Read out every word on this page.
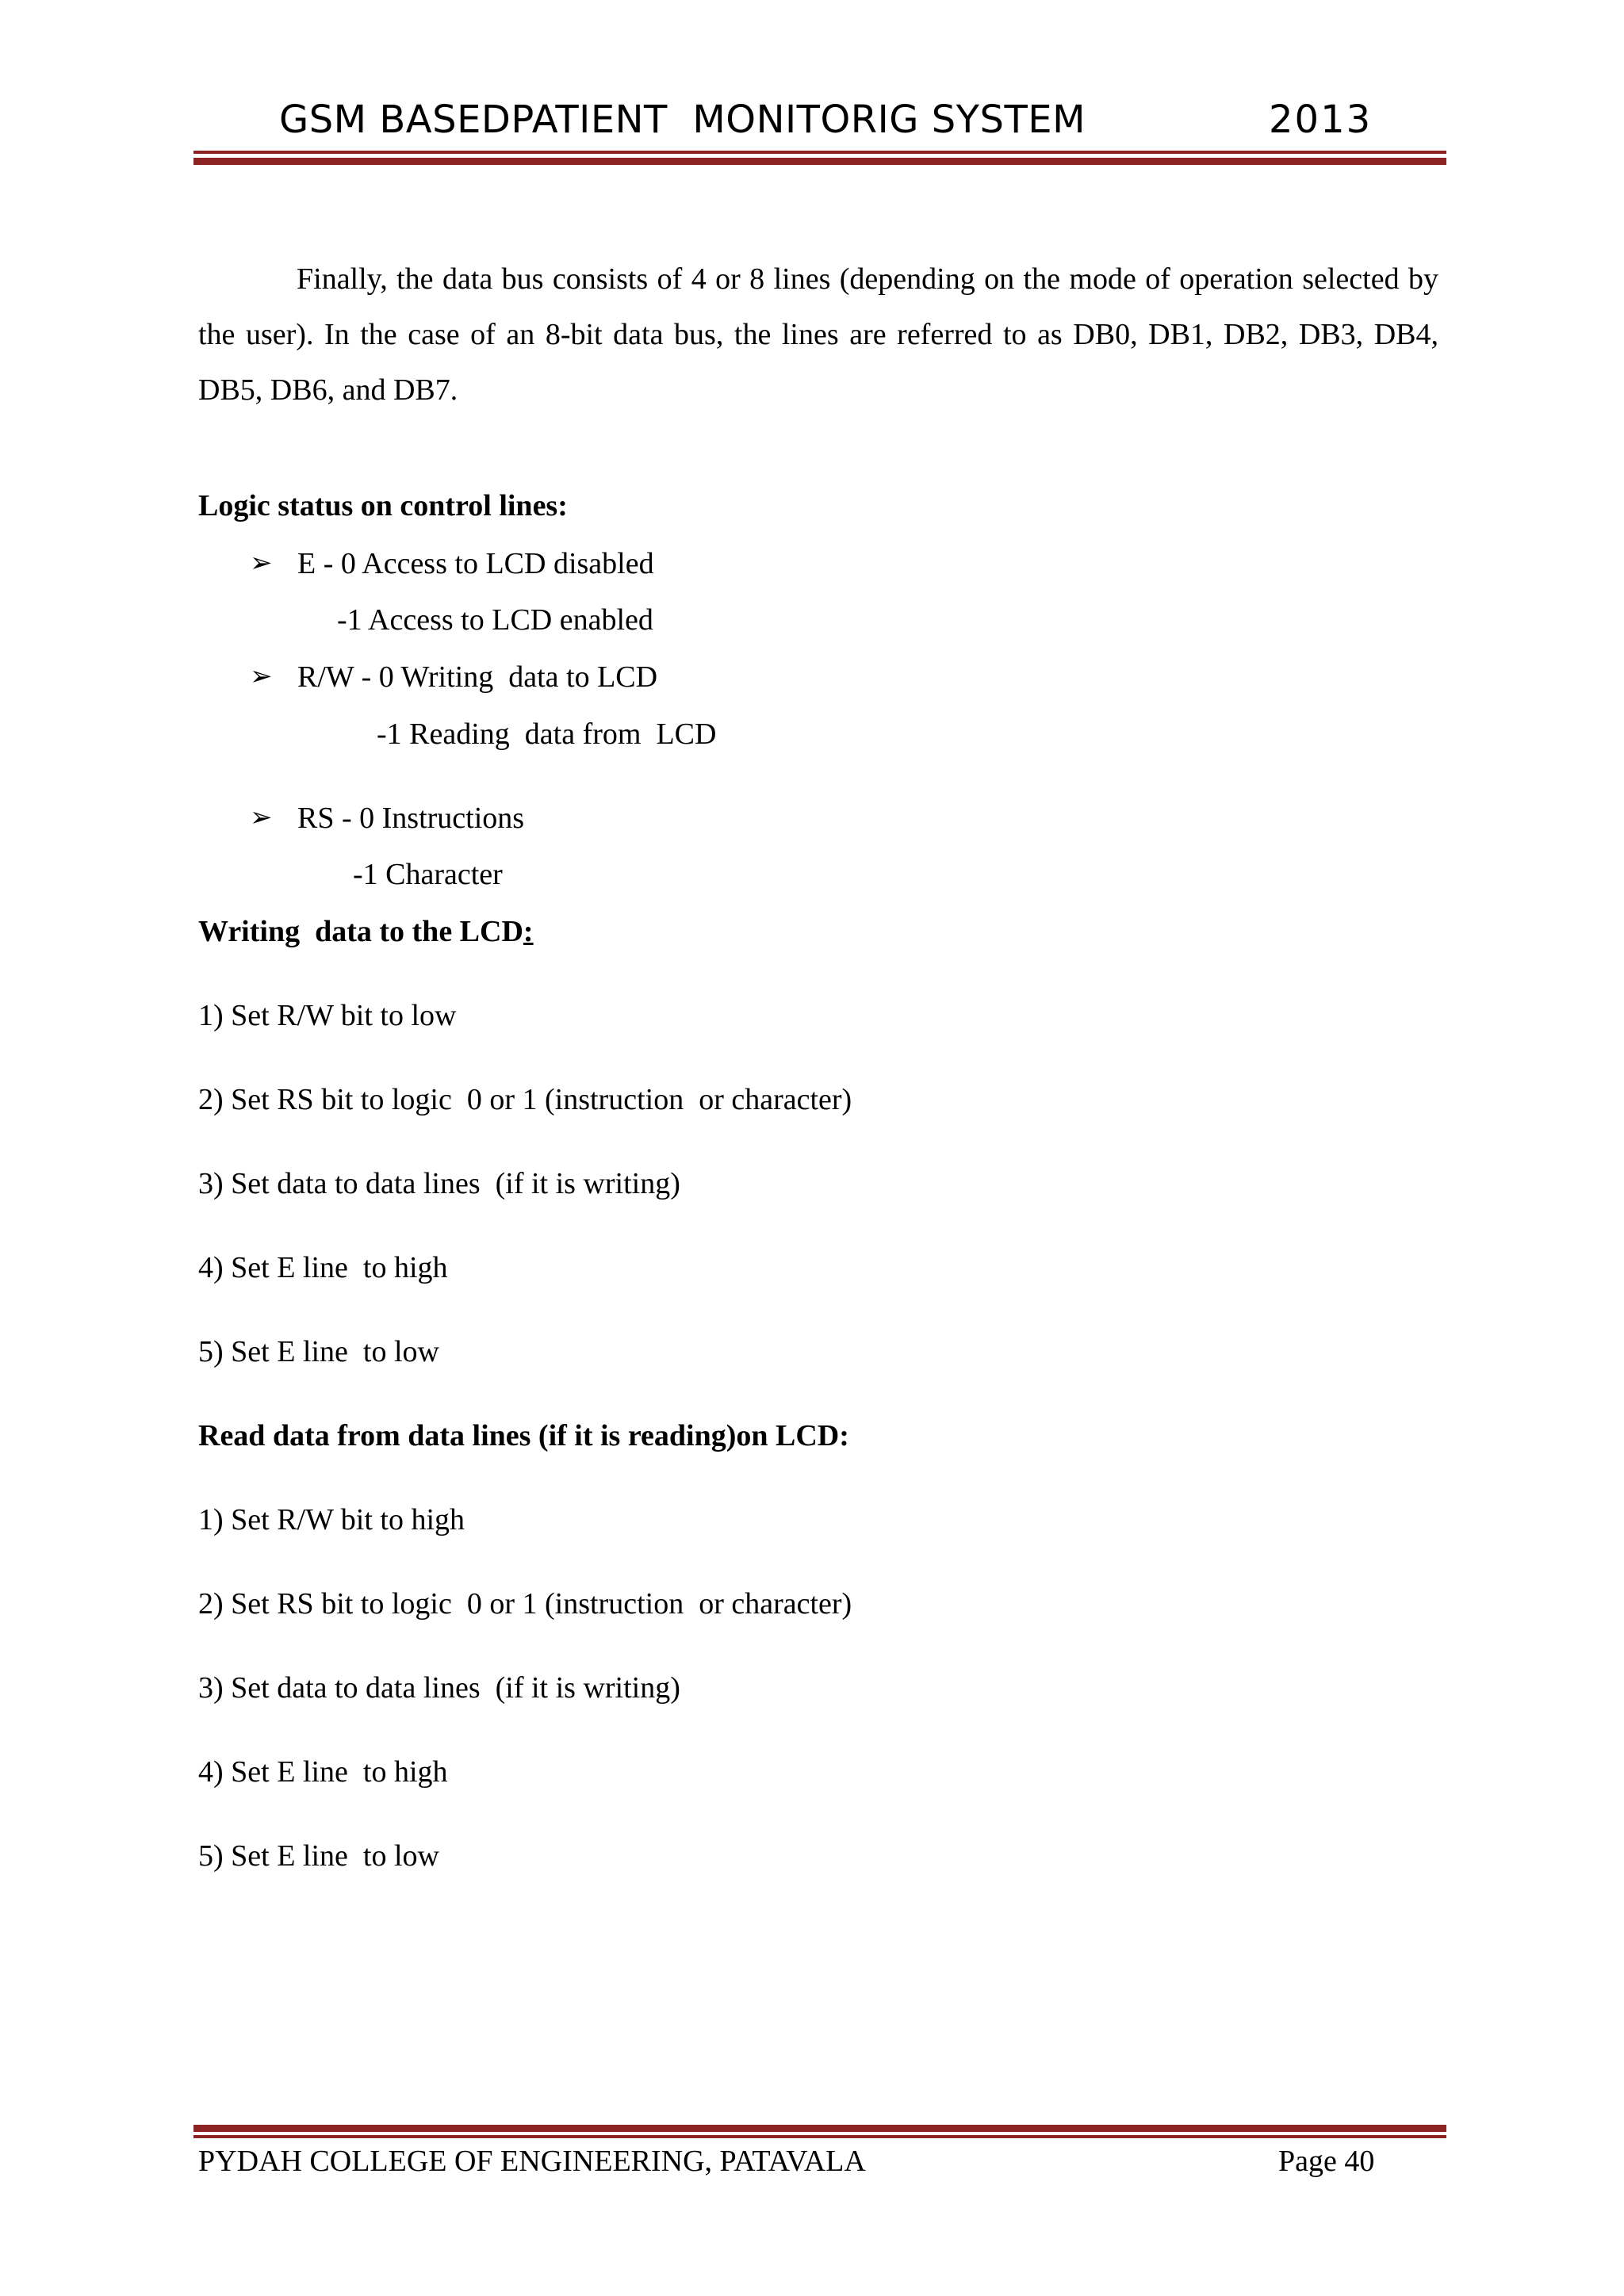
GSM BASEDPATIENT  MONITORIG SYSTEM	2013
Finally, the data bus consists of 4 or 8 lines (depending on the mode of operation selected by the user). In the case of an 8-bit data bus, the lines are referred to as DB0, DB1, DB2, DB3, DB4, DB5, DB6, and DB7.
Logic status on control lines:
➢ E - 0 Access to LCD disabled
-1 Access to LCD enabled
➢ R/W - 0 Writing  data to LCD
-1 Reading  data from  LCD
➢ RS - 0 Instructions
-1 Character
Writing  data to the LCD:
1) Set R/W bit to low
2) Set RS bit to logic  0 or 1 (instruction  or character)
3) Set data to data lines  (if it is writing)
4) Set E line  to high
5) Set E line  to low
Read data from data lines (if it is reading)on LCD:
1) Set R/W bit to high
2) Set RS bit to logic  0 or 1 (instruction  or character)
3) Set data to data lines  (if it is writing)
4) Set E line  to high
5) Set E line  to low
PYDAH COLLEGE OF ENGINEERING, PATAVALA	Page 40
